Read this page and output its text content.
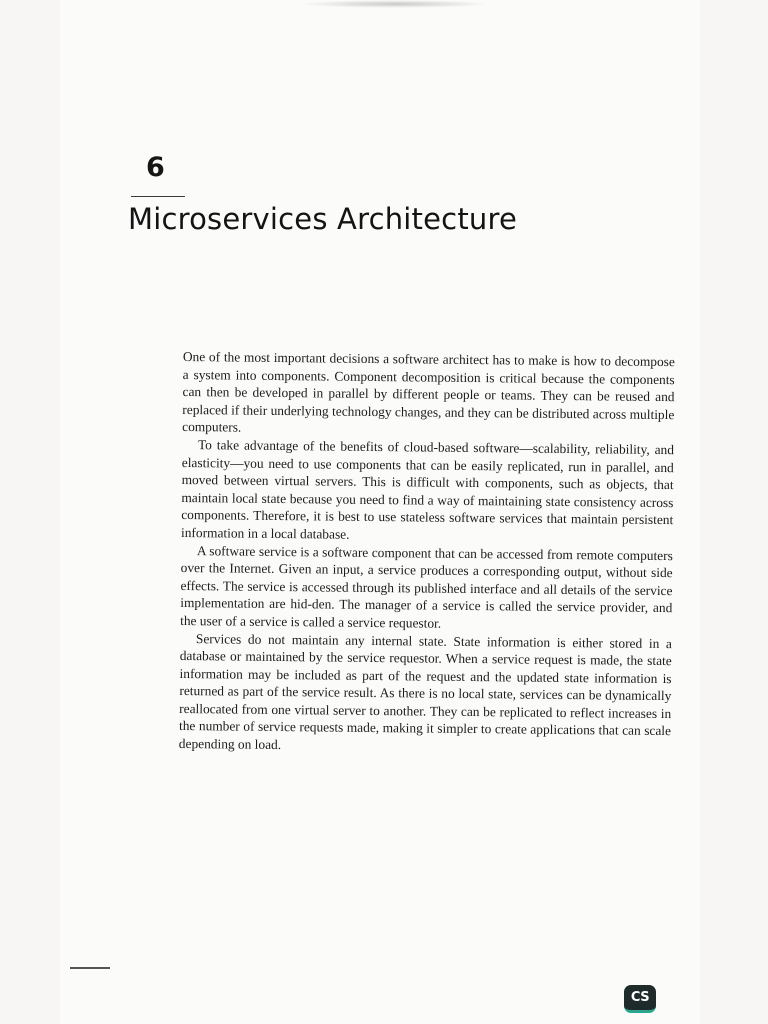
6
Microservices Architecture

One of the most important decisions a software architect has to make is how to decompose a system into components. Component decomposition is critical because the components can then be developed in parallel by different people or teams. They can be reused and replaced if their underlying technology changes, and they can be distributed across multiple computers.

To take advantage of the benefits of cloud-based software—scalability, reliability, and elasticity—you need to use components that can be easily replicated, run in parallel, and moved between virtual servers. This is difficult with components, such as objects, that maintain local state because you need to find a way of maintaining state consistency across components. Therefore, it is best to use stateless software services that maintain persistent information in a local database.

A software service is a software component that can be accessed from remote computers over the Internet. Given an input, a service produces a corresponding output, without side effects. The service is accessed through its published interface and all details of the service implementation are hid-den. The manager of a service is called the service provider, and the user of a service is called a service requestor.

Services do not maintain any internal state. State information is either stored in a database or maintained by the service requestor. When a service request is made, the state information may be included as part of the request and the updated state information is returned as part of the service result. As there is no local state, services can be dynamically reallocated from one virtual server to another. They can be replicated to reflect increases in the number of service requests made, making it simpler to create applications that can scale depending on load.

CS
